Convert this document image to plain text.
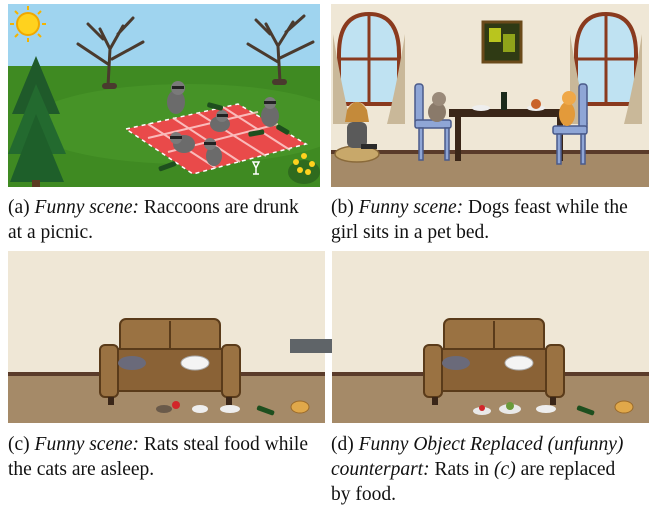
(a) Funny scene: Raccoons are drunk at a picnic.
(b) Funny scene: Dogs feast while the girl sits in a pet bed.
(c) Funny scene: Rats steal food while the cats are asleep.
(d) Funny Object Replaced (unfunny) counterpart: Rats in (c) are replaced by food.
